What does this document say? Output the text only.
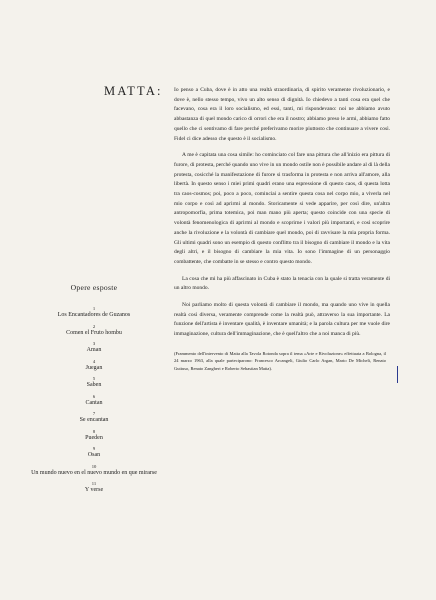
MATTA: Io penso a Cuba, dove è in atto una realtà straordinaria, di spirito veramente rivoluzionario, e dove è, nello stesso tempo, vivo un alto senso di dignità. Io chiedevo a tanti cosa era quel che facevano, cosa era il loro socialismo, ed essi, tanti, mi rispondevano: noi ne abbiamo avuto abbastanza di quel mondo carico di orrori che era il nostro; abbiamo preso le armi, abbiamo fatto quello che ci sentivamo di fare perché preferivamo morire piuttosto che continuare a vivere così. Fidel ci dice adesso che questo è il socialismo.

A me è capitata una cosa simile: ho cominciato col fare una pittura che all'inizio era pittura di furore, di protesta, perché quando uno vive in un mondo ostile non è possibile andare al di là della protesta, cosicché la manifestazione di furore si trasforma in protesta e non arriva all'amore, alla libertà. In questo senso i miei primi quadri erano una espressione di questo caos, di questa lotta tra caos-cosmos; poi, poco a poco, cominciai a sentire questa cosa nel corpo mio, a viverla nel mio corpo e così ad aprirmi al mondo. Storicamente si vede apparire, per così dire, un'altra antropomorfia, prima totemica, poi man mano più aperta; questo coincide con una specie di volontà fenomenologica di aprirmi al mondo e scoprirne i valori più importanti, e così scoprire anche la rivoluzione e la volontà di cambiare quel mondo, poi di ravvisare la mia propria forma. Gli ultimi quadri sono un esempio di questo conflitto tra il bisogno di cambiare il mondo e la vita degli altri, e il bisogno di cambiare la mia vita. Io sono l'immagine di un personaggio combattente, che combatte in se stesso e contro questo mondo.

La cosa che mi ha più affascinato in Cuba è stato la tenacia con la quale si tratta veramente di un altro mondo.

Noi parliamo molto di questa volontà di cambiare il mondo, ma quando uno vive in quella realtà così diversa, veramente comprende come la realtà può, attraverso la sua importante. La funzione dell'artista è inventare qualità, è inventare umanità; e la parola cultura per me vuole dire immaginazione, cultura dell'immaginazione, che è quell'altro che a noi manca di più.

(Frammento dell'intervento di Matta alla Tavola Rotonda sopra il tema «Arte e Rivoluzione» effettuata a Bologna, il 24 marzo 1963, alla quale parteciparono: Francesco Arcangeli, Giulio Carlo Argan, Mario De Micheli, Renato Guttuso, Renato Zangheri e Roberto Sebastian Matta).

Opere esposte
1
Los Encantadores de Guzanos
2
Comen el Fruto hombu
3
Aman
4
Juegan
5
Saben
6
Cantan
7
Se encantan
8
Pueden
9
Osan
10
Un mundo nuevo en el nuevo mundo en que mirarse
11
Y verse
